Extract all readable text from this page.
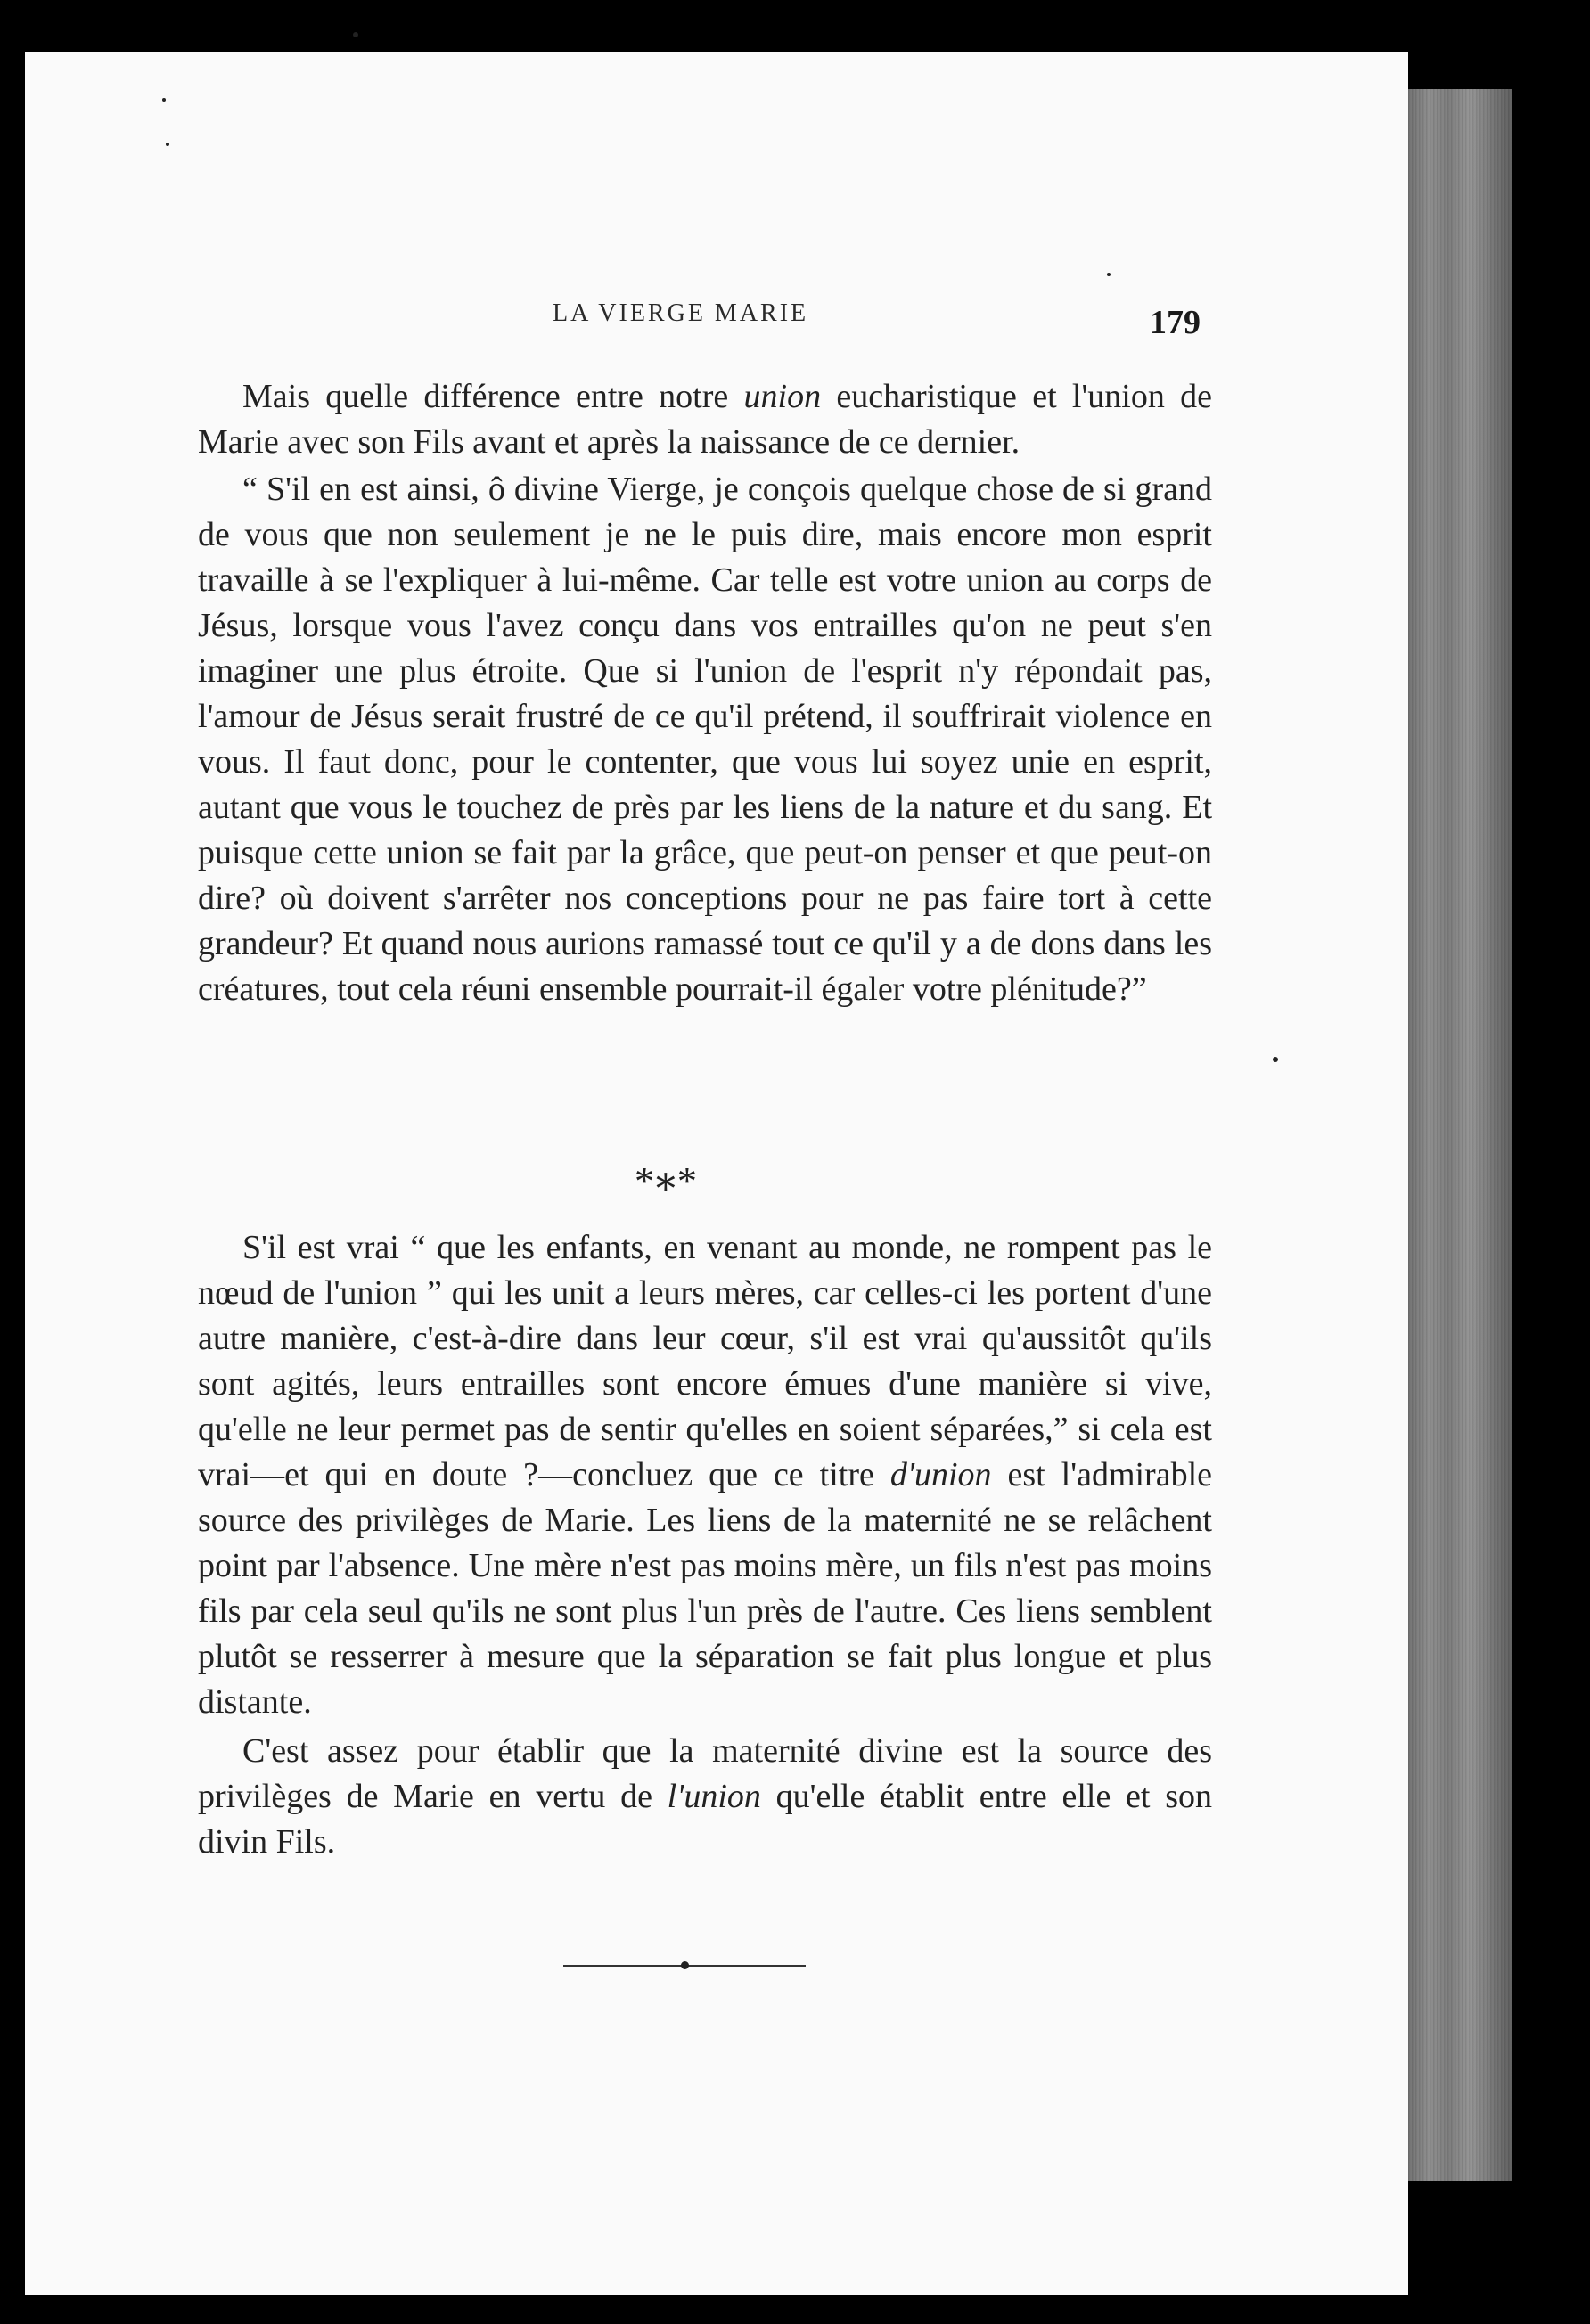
LA VIERGE MARIE	179

Mais quelle différence entre notre union eucharistique et l'union de Marie avec son Fils avant et après la naissance de ce dernier.

“ S'il en est ainsi, ô divine Vierge, je conçois quelque chose de si grand de vous que non seulement je ne le puis dire, mais encore mon esprit travaille à se l'expliquer à lui-même. Car telle est votre union au corps de Jésus, lorsque vous l'avez conçu dans vos entrailles qu'on ne peut s'en imaginer une plus étroite. Que si l'union de l'esprit n'y répondait pas, l'amour de Jésus serait frustré de ce qu'il prétend, il souffrirait violence en vous. Il faut donc, pour le contenter, que vous lui soyez unie en esprit, autant que vous le touchez de près par les liens de la nature et du sang. Et puisque cette union se fait par la grâce, que peut-on penser et que peut-on dire? où doivent s'arrêter nos conceptions pour ne pas faire tort à cette grandeur? Et quand nous aurions ramassé tout ce qu'il y a de dons dans les créatures, tout cela réuni ensemble pourrait-il égaler votre plénitude?”

*∗*

S'il est vrai “ que les enfants, en venant au monde, ne rompent pas le nœud de l'union ” qui les unit a leurs mères, car celles-ci les portent d'une autre manière, c'est-à-dire dans leur cœur, s'il est vrai qu'aussitôt qu'ils sont agités, leurs entrailles sont encore émues d'une manière si vive, qu'elle ne leur permet pas de sentir qu'elles en soient séparées,” si cela est vrai—et qui en doute ?—concluez que ce titre d'union est l'admirable source des privilèges de Marie. Les liens de la maternité ne se relâchent point par l'absence. Une mère n'est pas moins mère, un fils n'est pas moins fils par cela seul qu'ils ne sont plus l'un près de l'autre. Ces liens semblent plutôt se resserrer à mesure que la séparation se fait plus longue et plus distante.

C'est assez pour établir que la maternité divine est la source des privilèges de Marie en vertu de l'union qu'elle établit entre elle et son divin Fils.
